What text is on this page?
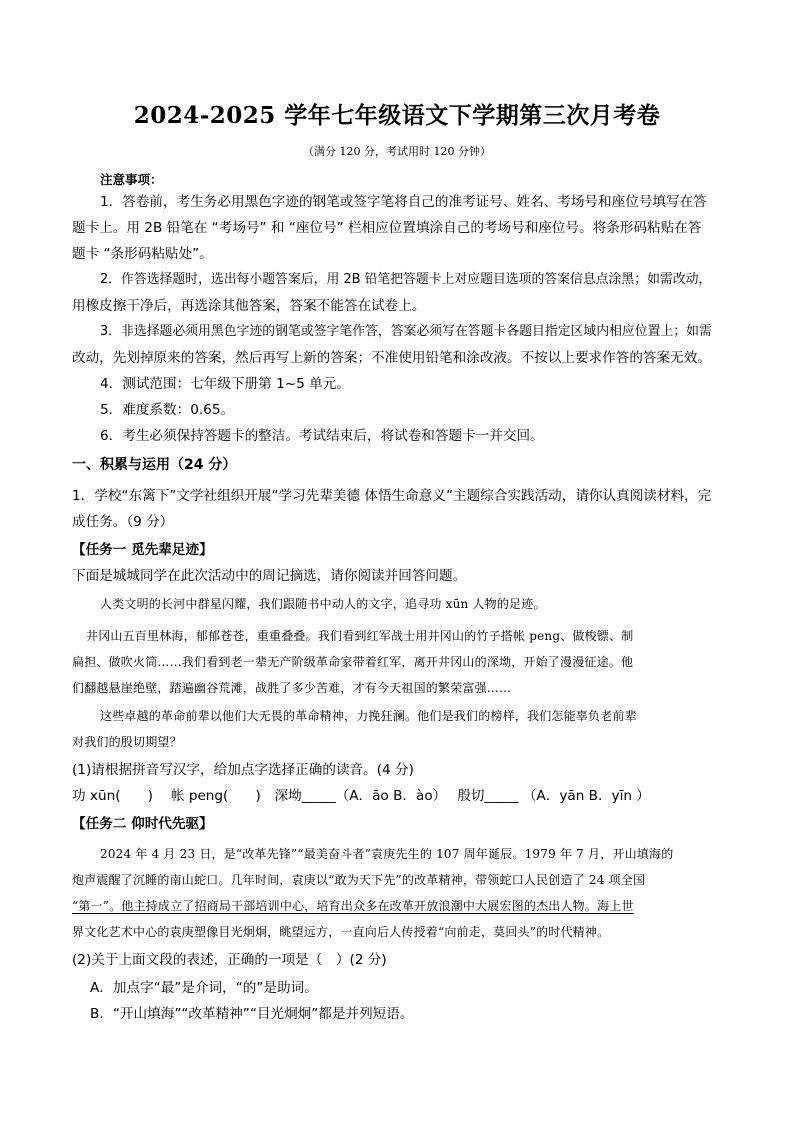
2024-2025 学年七年级语文下学期第三次月考卷
（满分 120 分，考试用时 120 分钟）
注意事项：
1．答卷前，考生务必用黑色字迹的钢笔或签字笔将自己的准考证号、姓名、考场号和座位号填写在答
题卡上。用 2B 铅笔在 “考场号” 和 “座位号” 栏相应位置填涂自己的考场号和座位号。将条形码粘贴在答
题卡 “条形码粘贴处”。
2．作答选择题时，选出每小题答案后，用 2B 铅笔把答题卡上对应题目选项的答案信息点涂黑；如需改动，
用橡皮擦干净后，再选涂其他答案，答案不能答在试卷上。
3．非选择题必须用黑色字迹的钢笔或签字笔作答，答案必须写在答题卡各题目指定区域内相应位置上；如需
改动，先划掉原来的答案，然后再写上新的答案；不准使用铅笔和涂改液。不按以上要求作答的答案无效。
4．测试范围：七年级下册第 1~5 单元。
5．难度系数：0.65。
6．考生必须保持答题卡的整洁。考试结束后，将试卷和答题卡一并交回。
一、积累与运用（24 分）
1．学校“东篱下”文学社组织开展“学习先辈美德 体悟生命意义”主题综合实践活动，请你认真阅读材料，完
成任务。（9 分）
【任务一 觅先辈足迹】
下面是城城同学在此次活动中的周记摘选，请你阅读并回答问题。
人类文明的长河中群星闪耀，我们跟随书中动人的文字，追寻功 xūn 人物的足迹。
井冈山五百里林海，郁郁苍苍，重重叠叠。我们看到红军战士用井冈山的竹子搭帐 peng、做梭镖、制
扁担、做吹火筒……我们看到老一辈无产阶级革命家带着红军，离开井冈山的深坳，开始了漫漫征途。他
们翻越悬崖绝壁，踏遍幽谷荒滩，战胜了多少苦难，才有今天祖国的繁荣富强……
这些卓越的革命前辈以他们大无畏的革命精神，力挽狂澜。他们是我们的榜样，我们怎能辜负老前辈
对我们的殷切期望？
(1)请根据拼音写汉字，给加点字选择正确的读音。(4 分)
功 xūn(　　)　 帐 peng(　　)　深坳_____（A．āo B．ào）　 殷切_____ （A．yān B．yīn ）
【任务二 仰时代先驱】
2024 年 4 月 23 日，是“改革先锋”“最美奋斗者”袁庚先生的 107 周年诞辰。1979 年 7 月，开山填海的
炮声震醒了沉睡的南山蛇口。几年时间，袁庚以“敢为天下先”的改革精神，带领蛇口人民创造了 24 项全国
“第一”。他主持成立了招商局干部培训中心，培育出众多在改革开放浪潮中大展宏图的杰出人物。海上世
界文化艺术中心的袁庚塑像目光炯炯，眺望远方，一直向后人传授着“向前走，莫回头”的时代精神。
(2)关于上面文段的表述，正确的一项是（　）(2 分)
A．加点字“最”是介词，“的”是助词。
B．“开山填海”“改革精神”“目光炯炯”都是并列短语。
